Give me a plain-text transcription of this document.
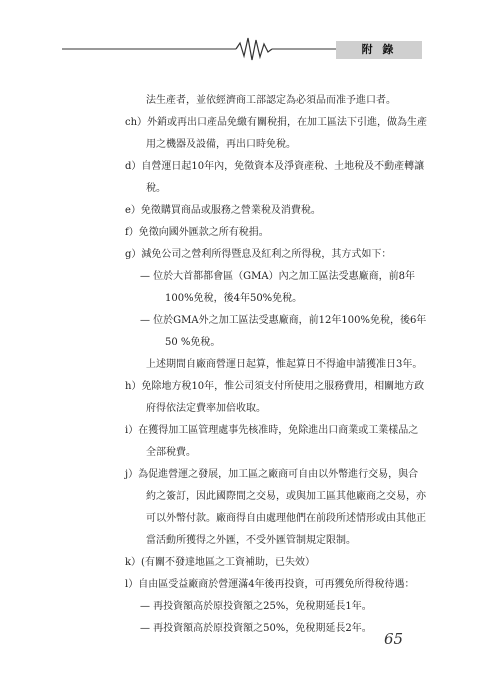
附 錄
法生產者，並依經濟商工部認定為必須品而准予進口者。
ch）外銷或再出口產品免繳有關稅捐，在加工區法下引進，做為生產
用之機器及設備，再出口時免稅。
d）自營運日起10年內，免徵資本及淨資產稅、土地稅及不動產轉讓
稅。
e）免徵購買商品或服務之營業稅及消費稅。
f）免徵向國外匯款之所有稅捐。
g）減免公司之營利所得暨息及紅利之所得稅，其方式如下：
— 位於大首都都會區（GMA）內之加工區法受惠廠商，前8年
100%免稅，後4年50%免稅。
— 位於GMA外之加工區法受惠廠商，前12年100%免稅，後6年
50 %免稅。
上述期間自廠商營運日起算，惟起算日不得逾申請獲准日3年。
h）免除地方稅10年，惟公司須支付所使用之服務費用，相關地方政
府得依法定費率加倍收取。
i）在獲得加工區管理處事先核准時，免除進出口商業或工業樣品之
全部稅費。
j）為促進營運之發展，加工區之廠商可自由以外幣進行交易，與合
約之簽訂，因此國際間之交易，或與加工區其他廠商之交易，亦
可以外幣付款。廠商得自由處理他們在前段所述情形或由其他正
當活動所獲得之外匯，不受外匯管制規定限制。
k）(有關不發達地區之工資補助，已失效）
l）自由區受益廠商於營運滿4年後再投資，可再獲免所得稅待遇：
— 再投資額高於原投資額之25%，免稅期延長1年。
— 再投資額高於原投資額之50%，免稅期延長2年。
65
